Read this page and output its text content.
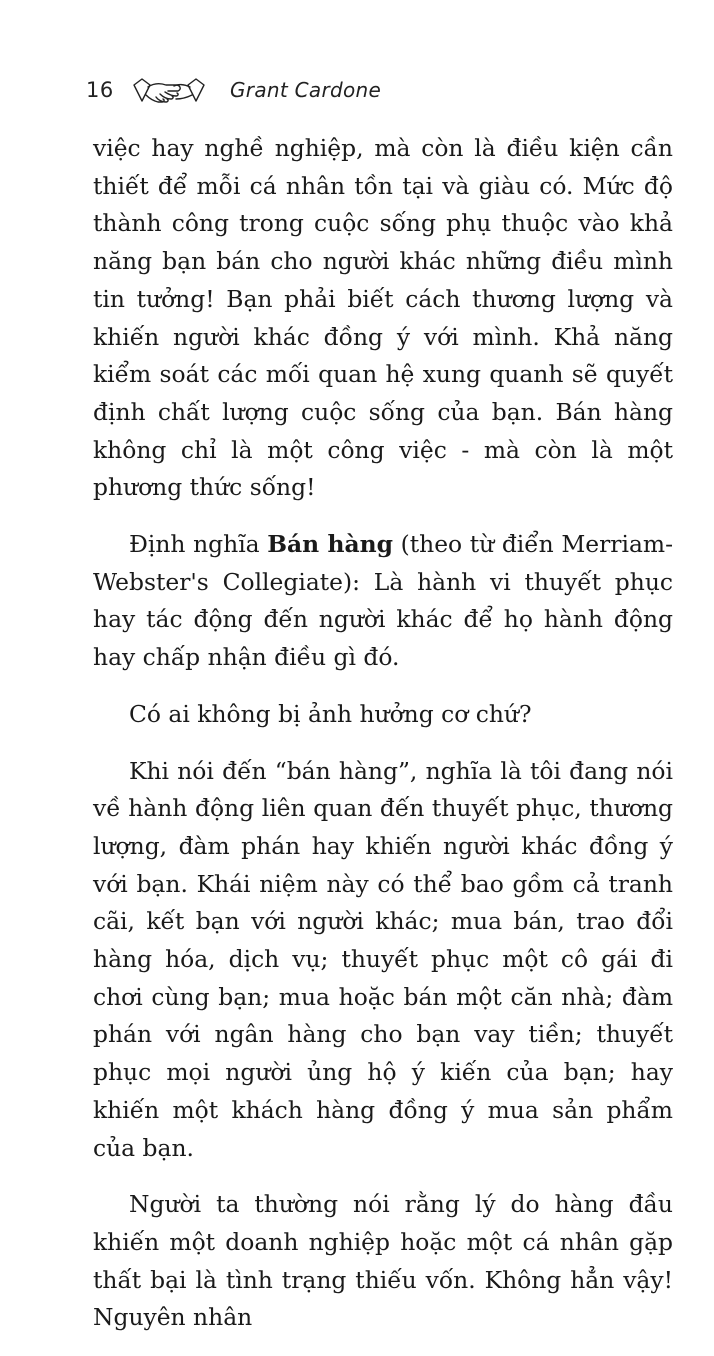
16	Grant Cardone

việc hay nghề nghiệp, mà còn là điều kiện cần thiết để mỗi cá nhân tồn tại và giàu có. Mức độ thành công trong cuộc sống phụ thuộc vào khả năng bạn bán cho người khác những điều mình tin tưởng! Bạn phải biết cách thương lượng và khiến người khác đồng ý với mình. Khả năng kiểm soát các mối quan hệ xung quanh sẽ quyết định chất lượng cuộc sống của bạn. Bán hàng không chỉ là một công việc - mà còn là một phương thức sống!

Định nghĩa Bán hàng (theo từ điển Merriam-Webster's Collegiate): Là hành vi thuyết phục hay tác động đến người khác để họ hành động hay chấp nhận điều gì đó.

Có ai không bị ảnh hưởng cơ chứ?

Khi nói đến “bán hàng”, nghĩa là tôi đang nói về hành động liên quan đến thuyết phục, thương lượng, đàm phán hay khiến người khác đồng ý với bạn. Khái niệm này có thể bao gồm cả tranh cãi, kết bạn với người khác; mua bán, trao đổi hàng hóa, dịch vụ; thuyết phục một cô gái đi chơi cùng bạn; mua hoặc bán một căn nhà; đàm phán với ngân hàng cho bạn vay tiền; thuyết phục mọi người ủng hộ ý kiến của bạn; hay khiến một khách hàng đồng ý mua sản phẩm của bạn.

Người ta thường nói rằng lý do hàng đầu khiến một doanh nghiệp hoặc một cá nhân gặp thất bại là tình trạng thiếu vốn. Không hẳn vậy! Nguyên nhân
